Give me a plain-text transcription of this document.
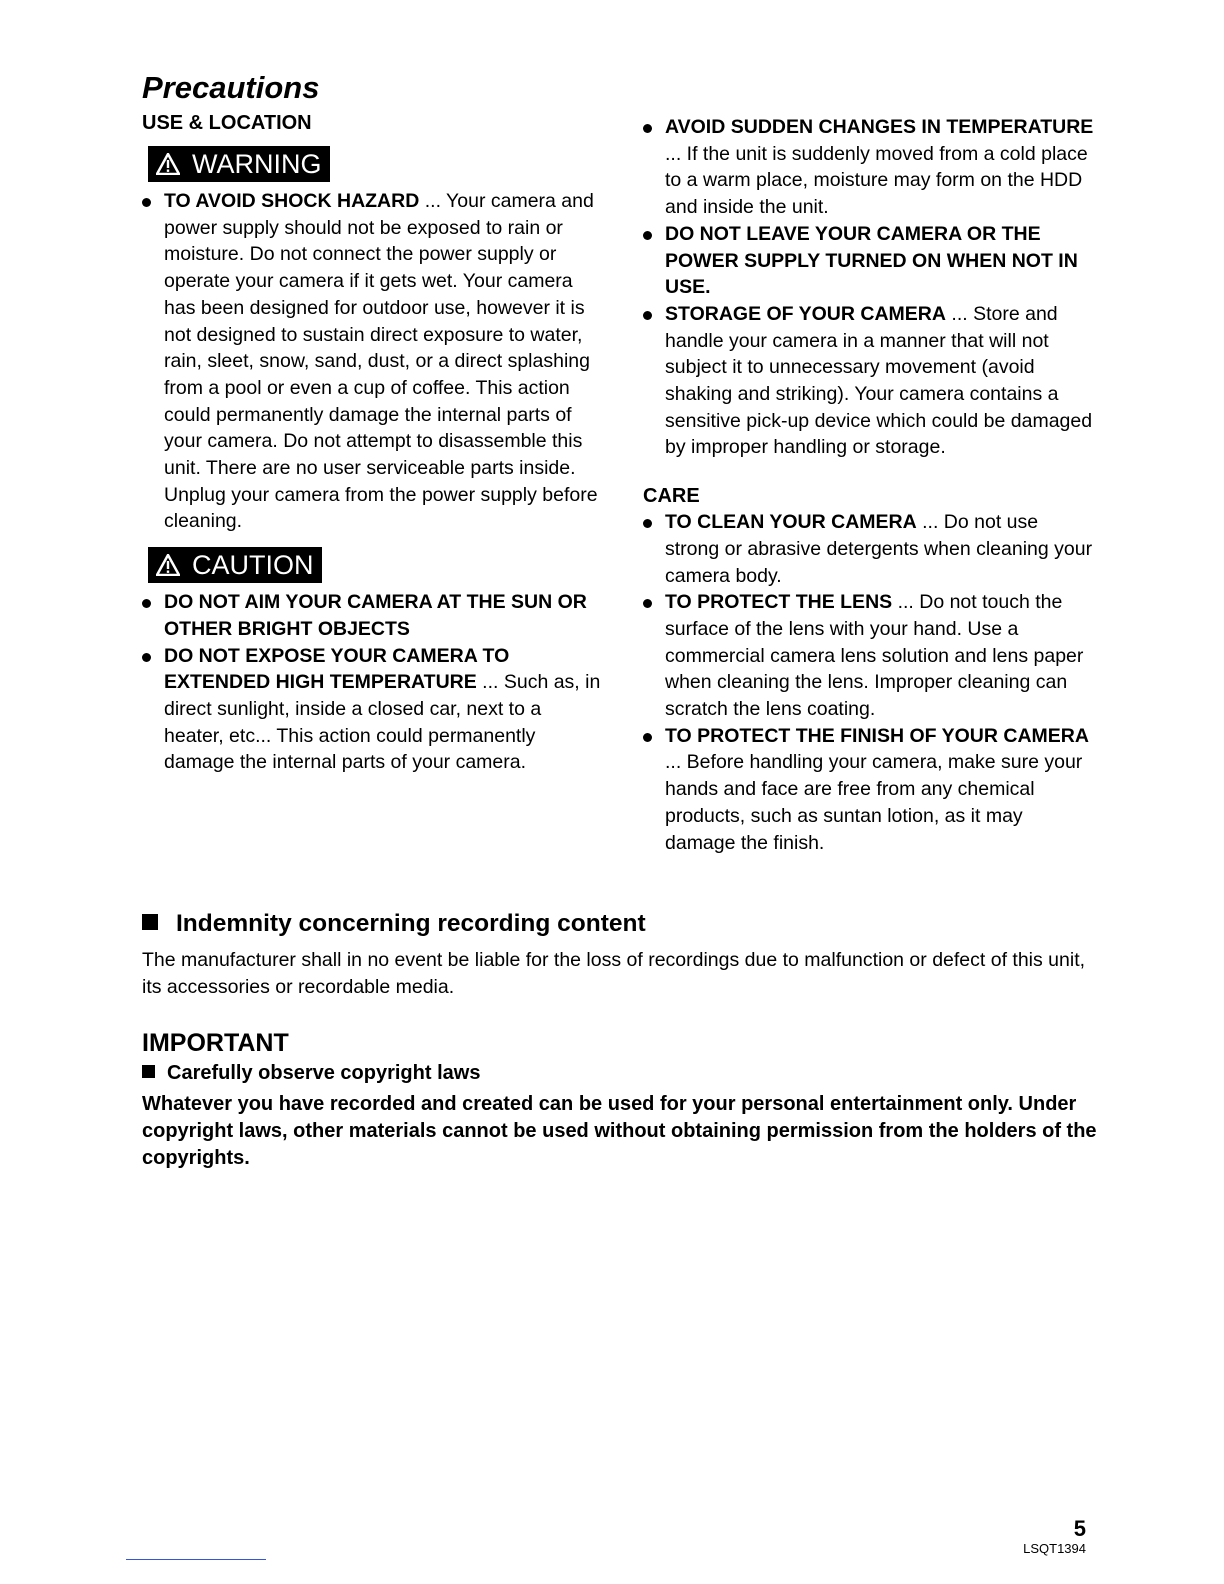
Precautions
USE & LOCATION
WARNING

TO AVOID SHOCK HAZARD ... Your camera and power supply should not be exposed to rain or moisture. Do not connect the power supply or operate your camera if it gets wet. Your camera has been designed for outdoor use, however it is not designed to sustain direct exposure to water, rain, sleet, snow, sand, dust, or a direct splashing from a pool or even a cup of coffee. This action could permanently damage the internal parts of your camera. Do not attempt to disassemble this unit. There are no user serviceable parts inside. Unplug your camera from the power supply before cleaning.

CAUTION

DO NOT AIM YOUR CAMERA AT THE SUN OR OTHER BRIGHT OBJECTS

DO NOT EXPOSE YOUR CAMERA TO EXTENDED HIGH TEMPERATURE ... Such as, in direct sunlight, inside a closed car, next to a heater, etc... This action could permanently damage the internal parts of your camera.

AVOID SUDDEN CHANGES IN TEMPERATURE ... If the unit is suddenly moved from a cold place to a warm place, moisture may form on the HDD and inside the unit.

DO NOT LEAVE YOUR CAMERA OR THE POWER SUPPLY TURNED ON WHEN NOT IN USE.

STORAGE OF YOUR CAMERA ... Store and handle your camera in a manner that will not subject it to unnecessary movement (avoid shaking and striking). Your camera contains a sensitive pick-up device which could be damaged by improper handling or storage.

CARE

TO CLEAN YOUR CAMERA ... Do not use strong or abrasive detergents when cleaning your camera body.

TO PROTECT THE LENS ... Do not touch the surface of the lens with your hand. Use a commercial camera lens solution and lens paper when cleaning the lens. Improper cleaning can scratch the lens coating.

TO PROTECT THE FINISH OF YOUR CAMERA ... Before handling your camera, make sure your hands and face are free from any chemical products, such as suntan lotion, as it may damage the finish.

Indemnity concerning recording content

The manufacturer shall in no event be liable for the loss of recordings due to malfunction or defect of this unit, its accessories or recordable media.

IMPORTANT
Carefully observe copyright laws

Whatever you have recorded and created can be used for your personal entertainment only. Under copyright laws, other materials cannot be used without obtaining permission from the holders of the copyrights.

5
LSQT1394
